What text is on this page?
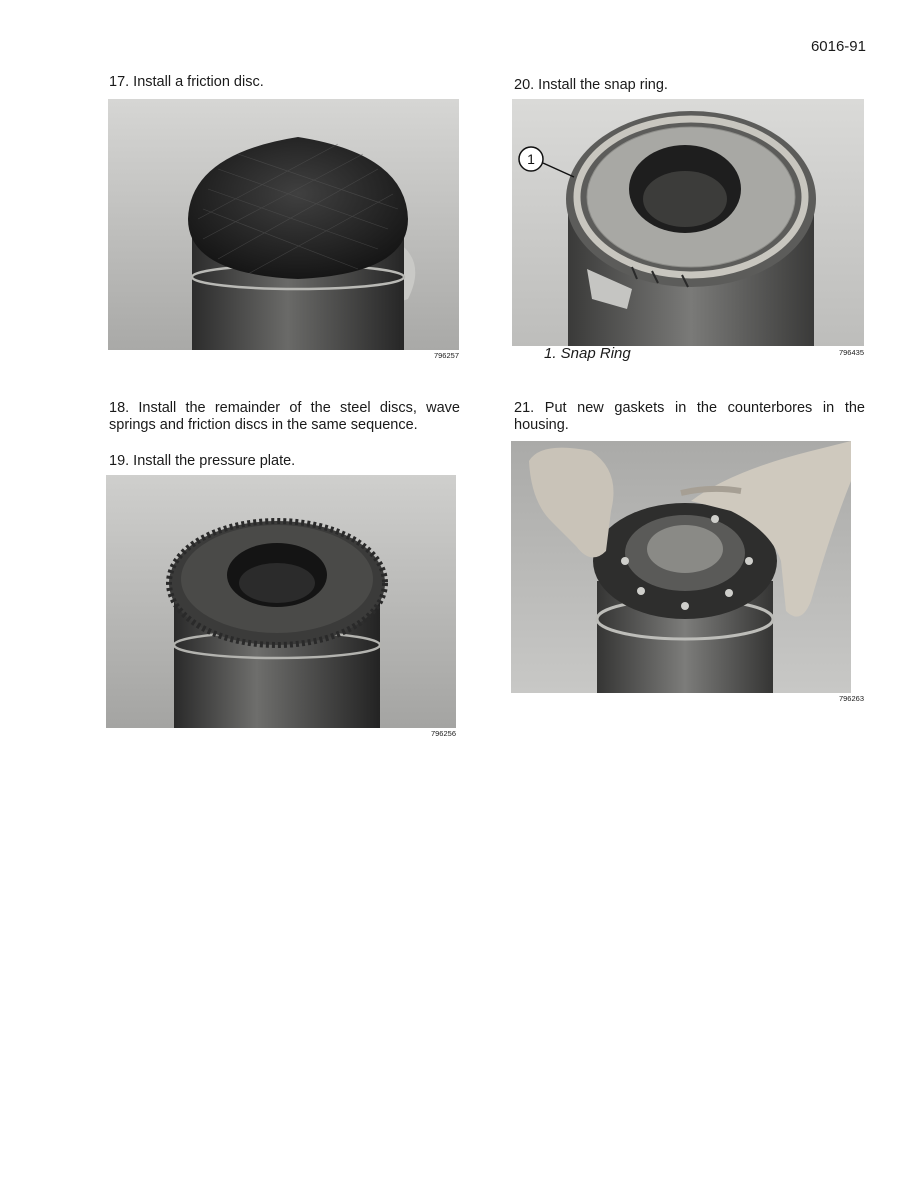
6016-91
17. Install a friction disc.
796257
18. Install the remainder of the steel discs, wave springs and friction discs in the same sequence.
19. Install the pressure plate.
796256
20. Install the snap ring.
1
1. Snap Ring	796435
21. Put new gaskets in the counterbores in the housing.
796263
